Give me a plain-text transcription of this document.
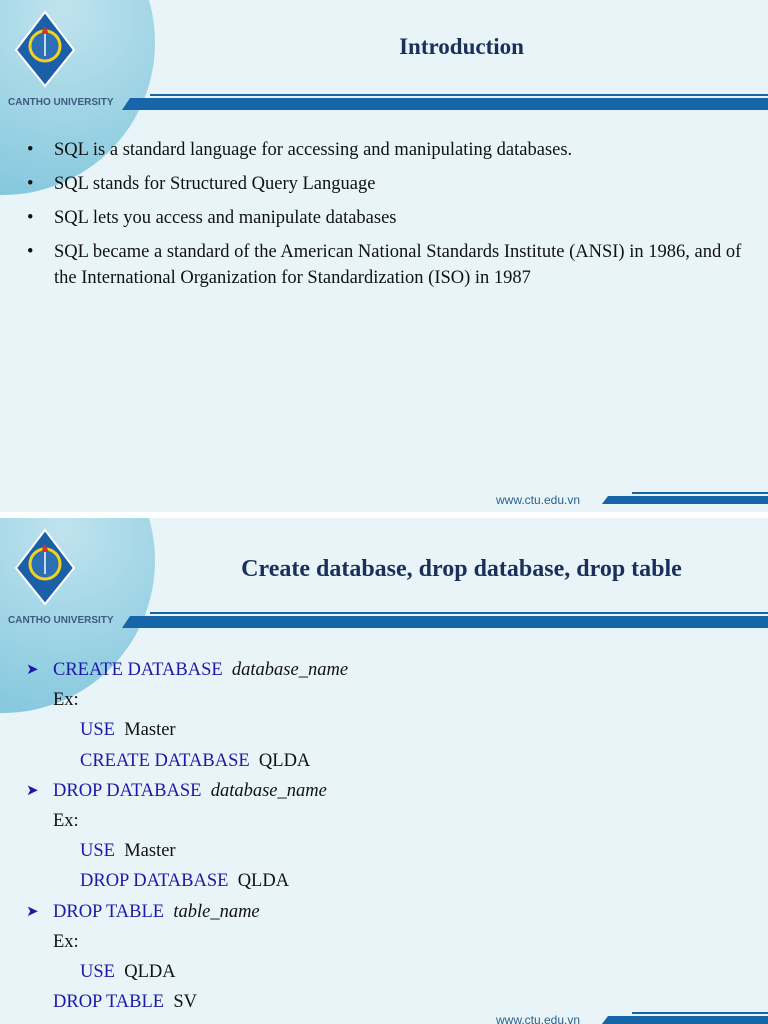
CANTHO UNIVERSITY
Introduction
• SQL is a standard language for accessing and manipulating databases.
• SQL stands for Structured Query Language
• SQL lets you access and manipulate databases
• SQL became a standard of the American National Standards Institute (ANSI) in 1986, and of the International Organization for Standardization (ISO) in 1987
www.ctu.edu.vn
CANTHO UNIVERSITY
Create database, drop database, drop table
➤ CREATE DATABASE database_name
Ex:
USE Master
CREATE DATABASE QLDA
➤ DROP DATABASE database_name
Ex:
USE Master
DROP DATABASE QLDA
➤ DROP TABLE table_name
Ex:
USE QLDA
DROP TABLE SV
www.ctu.edu.vn
